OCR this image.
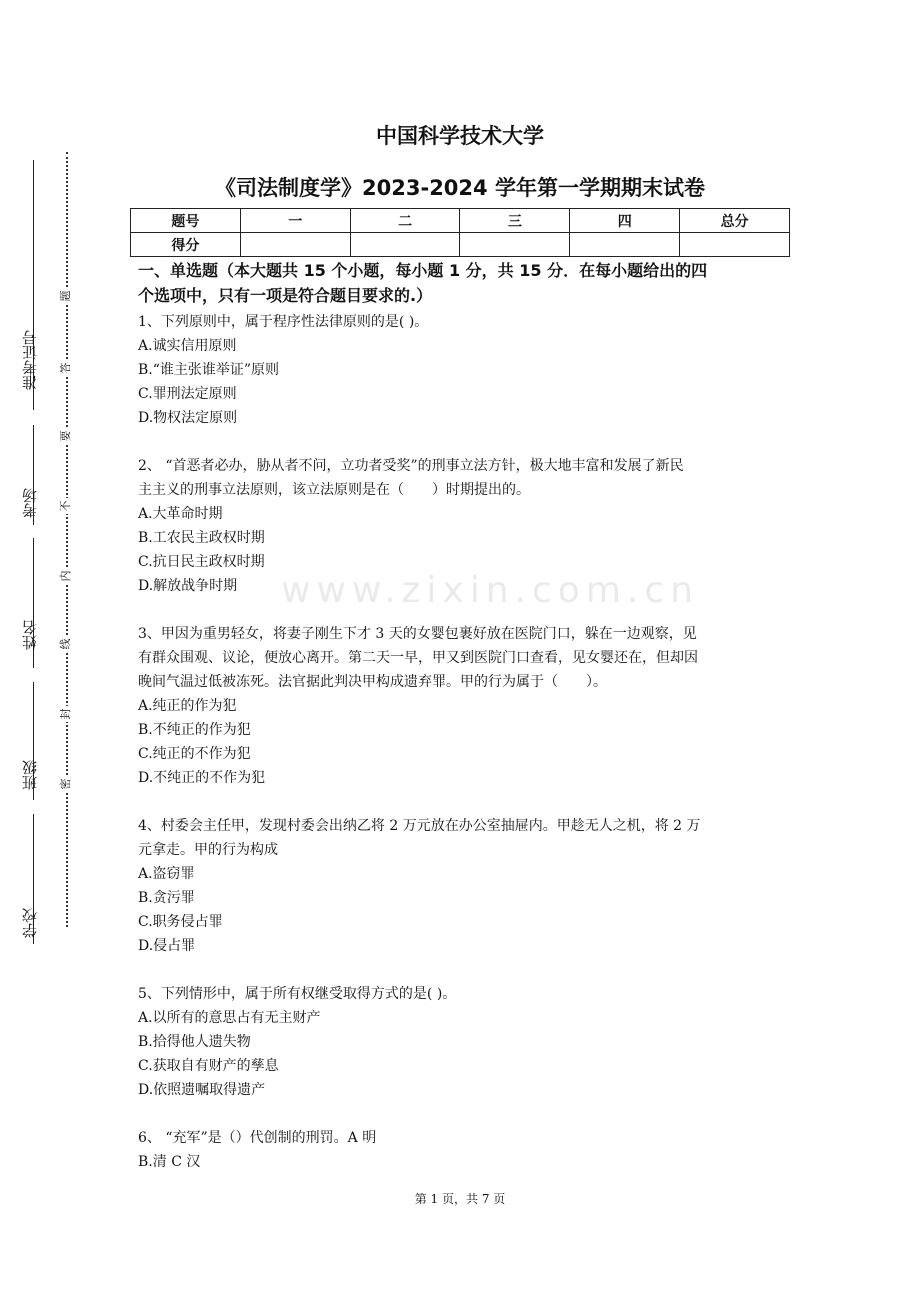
准考证号
考场
姓名
班级
学校
题
答
要
不
内
线
封
密
中国科学技术大学
《司法制度学》2023-2024 学年第一学期期末试卷
题号	一	二	三	四	总分
得分					

一、单选题（本大题共 15 个小题，每小题 1 分，共 15 分．在每小题给出的四
个选项中，只有一项是符合题目要求的.）

1、下列原则中，属于程序性法律原则的是( )。

A.诚实信用原则

B.“谁主张谁举证”原则

C.罪刑法定原则

D.物权法定原则

2、 “首恶者必办，胁从者不问，立功者受奖”的刑事立法方针，极大地丰富和发展了新民

主主义的刑事立法原则，该立法原则是在（　　）时期提出的。

A.大革命时期

B.工农民主政权时期

C.抗日民主政权时期

D.解放战争时期

3、甲因为重男轻女，将妻子刚生下才 3 天的女婴包裹好放在医院门口，躲在一边观察，见

有群众围观、议论，便放心离开。第二天一早，甲又到医院门口查看，见女婴还在，但却因

晚间气温过低被冻死。法官据此判决甲构成遗弃罪。甲的行为属于（　　）。

A.纯正的作为犯

B.不纯正的作为犯

C.纯正的不作为犯

D.不纯正的不作为犯

4、村委会主任甲，发现村委会出纳乙将 2 万元放在办公室抽屉内。甲趁无人之机，将 2 万

元拿走。甲的行为构成

A.盗窃罪

B.贪污罪

C.职务侵占罪

D.侵占罪

5、下列情形中，属于所有权继受取得方式的是( )。

A.以所有的意思占有无主财产

B.拾得他人遗失物

C.获取自有财产的孳息

D.依照遗嘱取得遗产

6、 “充军”是（）代创制的刑罚。A 明

B.清 C 汉

www.zixin.com.cn
第 1 页，共 7 页
